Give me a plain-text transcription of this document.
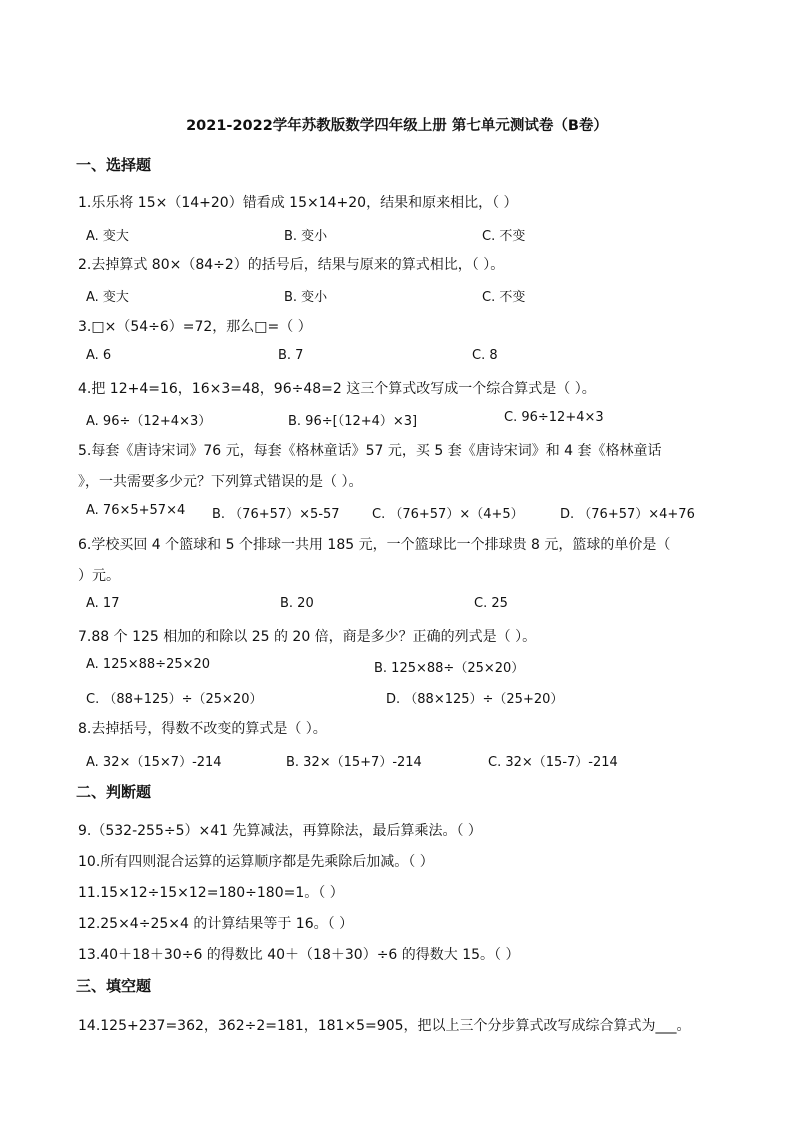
2021-2022学年苏教版数学四年级上册 第七单元测试卷（B卷）
一、选择题
1.乐乐将 15×（14+20）错看成 15×14+20，结果和原来相比，（ ）
A. 变大	B. 变小	C. 不变
2.去掉算式 80×（84÷2）的括号后，结果与原来的算式相比，（ ）。
A. 变大	B. 变小	C. 不变
3.□×（54÷6）=72，那么□=（ ）
A. 6	B. 7	C. 8
4.把 12+4=16，16×3=48，96÷48=2 这三个算式改写成一个综合算式是（ ）。
A. 96÷（12+4×3）	B. 96÷[（12+4）×3]	C. 96÷12+4×3
5.每套《唐诗宋词》76 元，每套《格林童话》57 元，买 5 套《唐诗宋词》和 4 套《格林童话
》，一共需要多少元？下列算式错误的是（ ）。
A. 76×5+57×4 B. （76+57）×5-57 C. （76+57）×（4+5）	D. （76+57）×4+76
6.学校买回 4 个篮球和 5 个排球一共用 185 元，一个篮球比一个排球贵 8 元，篮球的单价是（
）元。
A. 17	B. 20	C. 25
7.88 个 125 相加的和除以 25 的 20 倍，商是多少？正确的列式是（ ）。
A. 125×88÷25×20	B. 125×88÷（25×20）
C. （88+125）÷（25×20）	D. （88×125）÷（25+20）
8.去掉括号，得数不改变的算式是（ ）。
A. 32×（15×7）-214	B. 32×（15+7）-214	C. 32×（15-7）-214
二、判断题
9.（532-255÷5）×41 先算减法，再算除法，最后算乘法。（ ）
10.所有四则混合运算的运算顺序都是先乘除后加减。（ ）
11.15×12÷15×12=180÷180=1。（ ）
12.25×4÷25×4 的计算结果等于 16。（ ）
13.40＋18＋30÷6 的得数比 40＋（18＋30）÷6 的得数大 15。（ ）
三、填空题
14.125+237=362，362÷2=181，181×5=905，把以上三个分步算式改写成综合算式为___。
